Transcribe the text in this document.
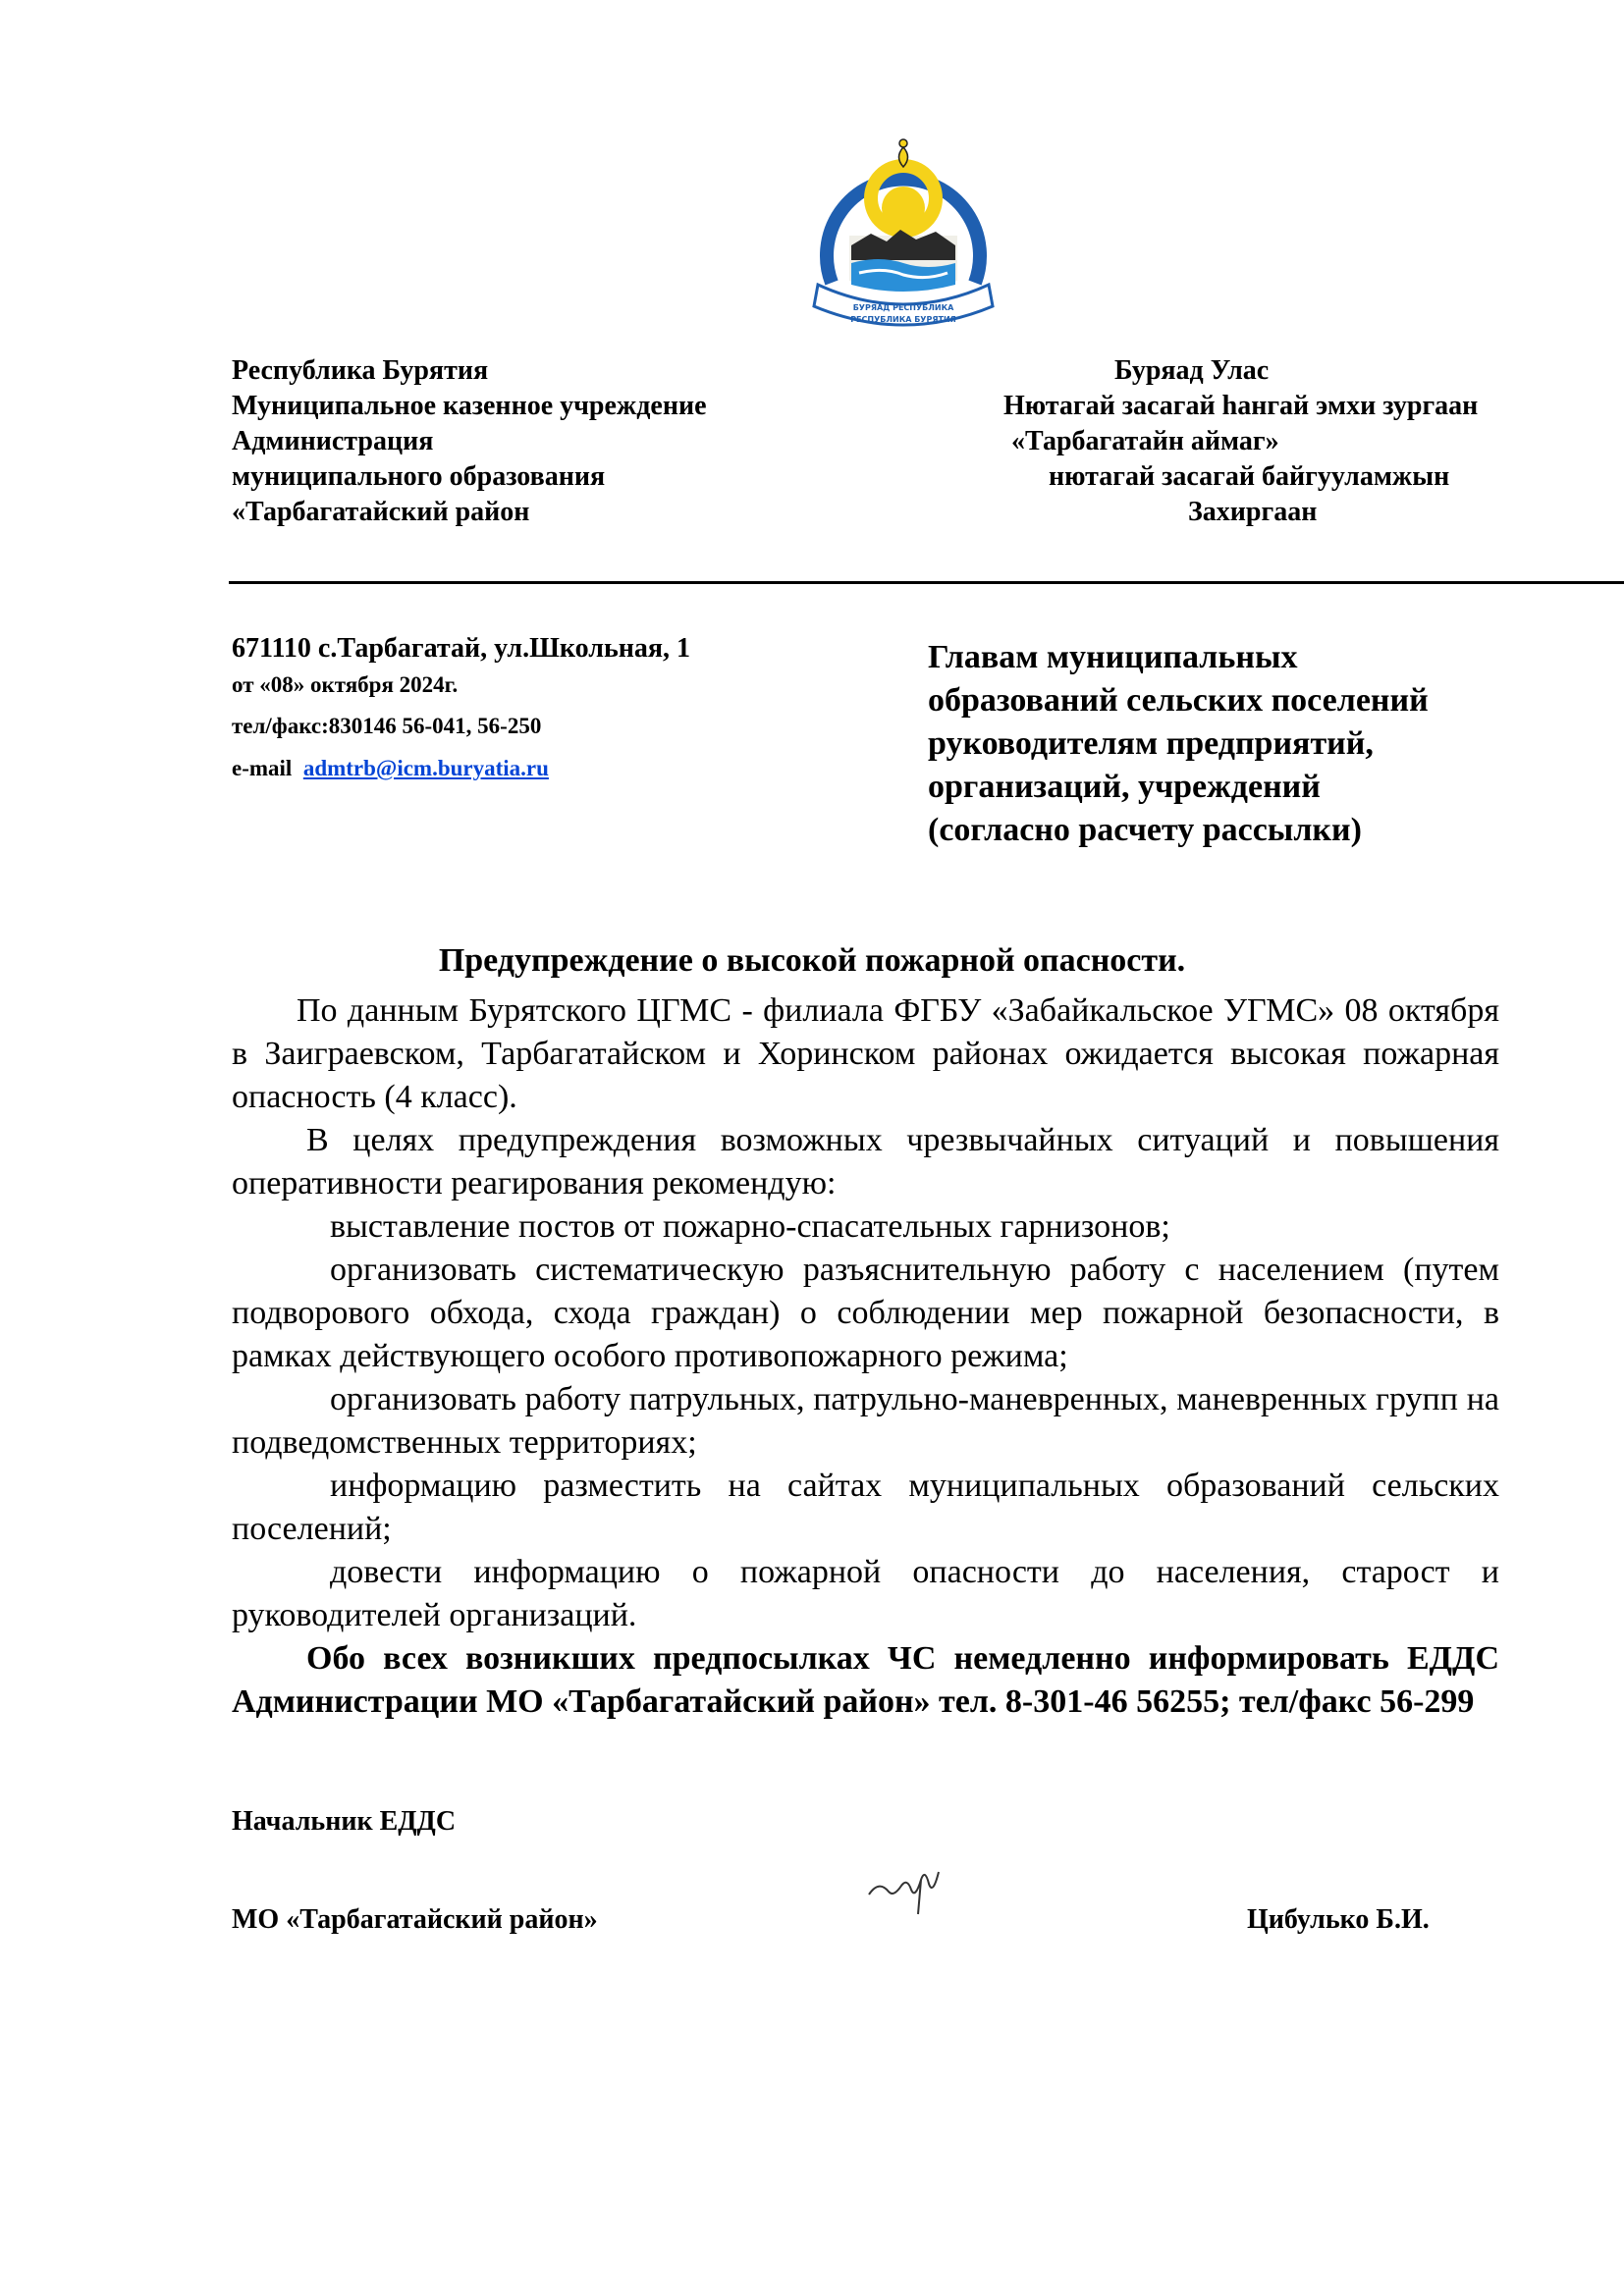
БУРЯАД РЕСПУБЛИКА
РЕСПУБЛИКА БУРЯТИЯ
Республика Бурятия
Муниципальное казенное учреждение
Администрация
муниципального образования
«Тарбагатайский район
Буряад Улас
Нютагай засагай hангай эмхи зургаан
«Тарбагатайн аймаг»
нютагай засагай байгууламжын
Захиргаан
671110 с.Тарбагатай, ул.Школьная, 1
от «08» октября 2024г.
тел/факс:830146 56-041, 56-250
e-mail admtrb@icm.buryatia.ru
Главам муниципальных
образований сельских поселений
руководителям предприятий,
организаций, учреждений
(согласно расчету рассылки)
Предупреждение о высокой пожарной опасности.
По данным Бурятского ЦГМС - филиала ФГБУ «Забайкальское УГМС» 08 октября в Заиграевском, Тарбагатайском и Хоринском районах ожидается высокая пожарная опасность (4 класс).
В целях предупреждения возможных чрезвычайных ситуаций и повышения оперативности реагирования рекомендую:
выставление постов от пожарно-спасательных гарнизонов;
организовать систематическую разъяснительную работу с населением (путем подворового обхода, схода граждан) о соблюдении мер пожарной безопасности, в рамках действующего особого противопожарного режима;
организовать работу патрульных, патрульно-маневренных, маневренных групп на подведомственных территориях;
информацию разместить на сайтах муниципальных образований сельских поселений;
довести информацию о пожарной опасности до населения, старост и руководителей организаций.
Обо всех возникших предпосылках ЧС немедленно информировать ЕДДС Администрации МО «Тарбагатайский район» тел. 8-301-46 56255; тел/факс 56-299
Начальник ЕДДС
МО «Тарбагатайский район»	Цибулько Б.И.
